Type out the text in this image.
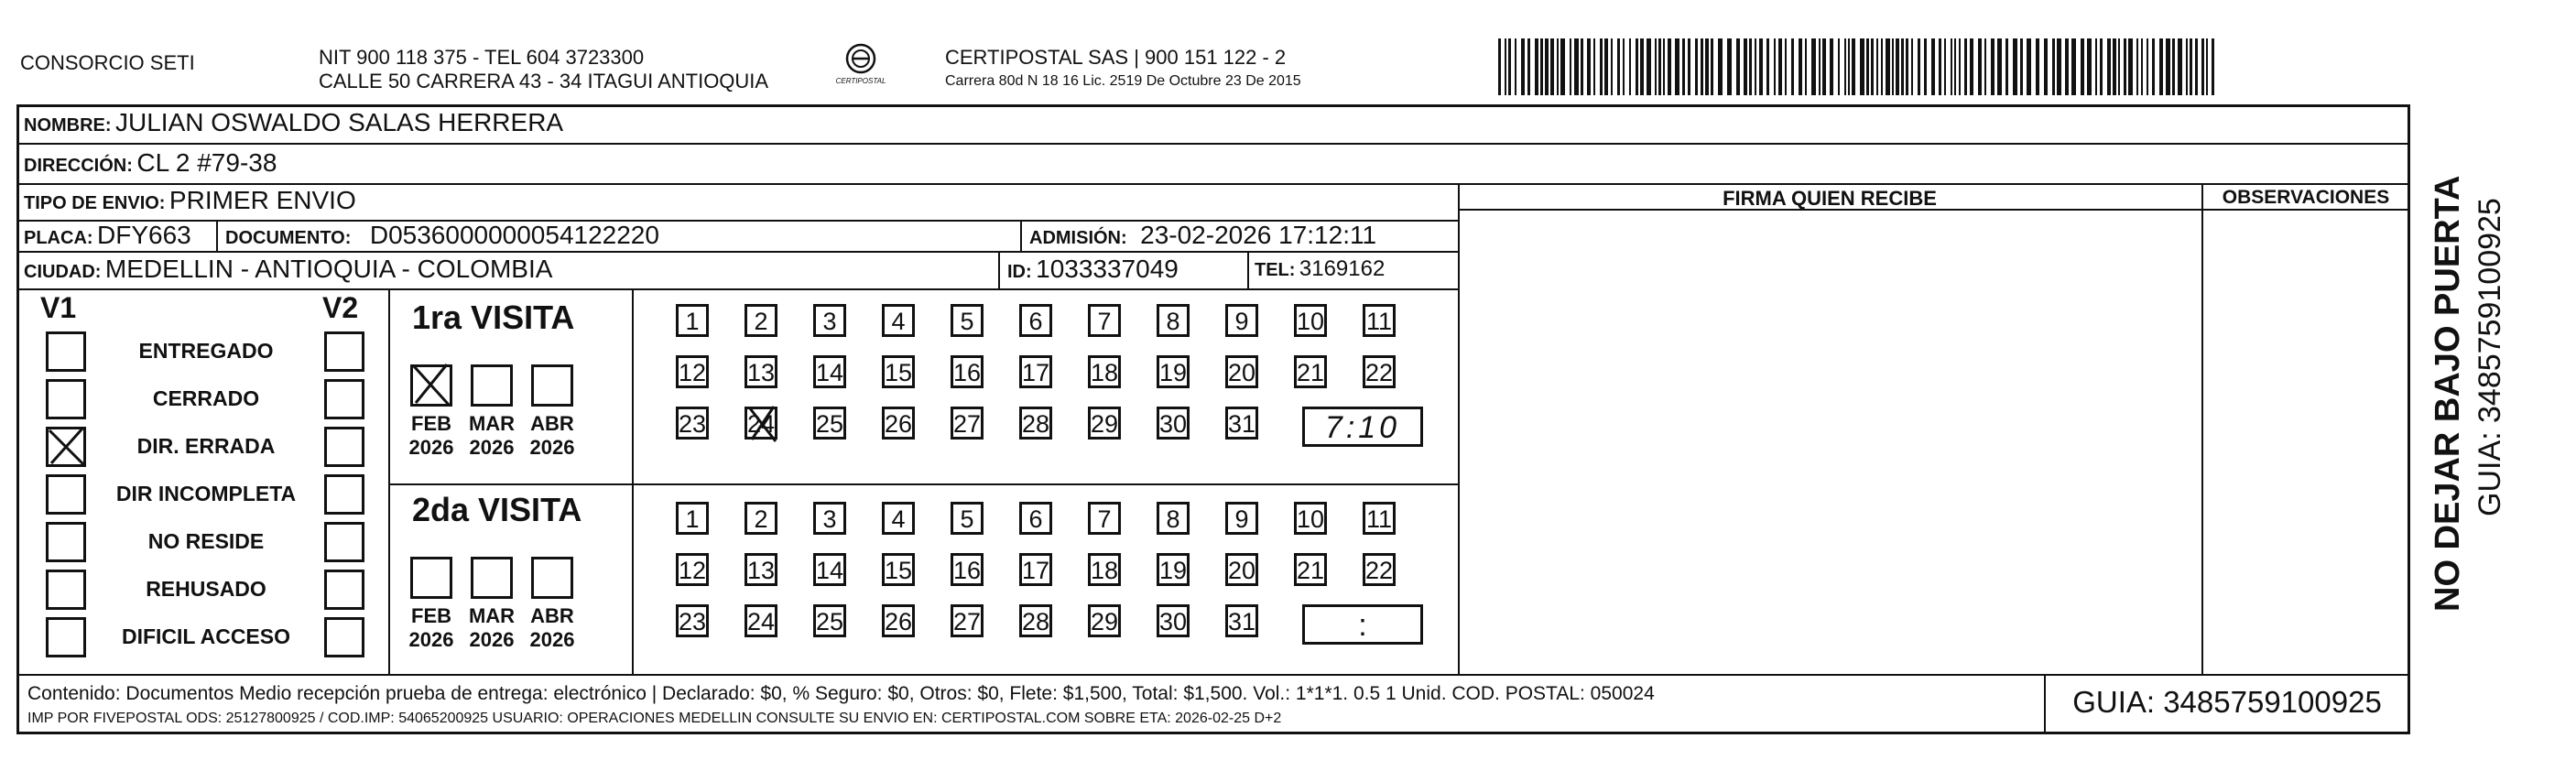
CONSORCIO SETI	NIT 900 118 375 - TEL 604 3723300
CALLE 50 CARRERA 43 - 34 ITAGUI ANTIOQUIA	CERTIPOSTAL
CERTIPOSTAL SAS | 900 151 122 - 2
Carrera 80d N 18 16 Lic. 2519 De Octubre 23 De 2015
FIRMA QUIEN RECIBE	OBSERVACIONES
NOMBRE: JULIAN OSWALDO SALAS HERRERA
DIRECCIÓN: CL 2 #79-38
TIPO DE ENVIO: PRIMER ENVIO
PLACA: DFY663 DOCUMENTO: D0536000000054122220	ADMISIÓN: 23-02-2026 17:12:11
CIUDAD: MEDELLIN - ANTIOQUIA - COLOMBIA	ID: 1033337049	TEL: 3169162
V1	V2 1ra VISITA
2da VISITA
Contenido: Documentos Medio recepción prueba de entrega: electrónico | Declarado: $0, % Seguro: $0, Otros: $0, Flete: $1,500, Total: $1,500. Vol.: 1*1*1. 0.5 1 Unid. COD. POSTAL: 050024
IMP POR FIVEPOSTAL ODS: 25127800925 / COD.IMP: 54065200925 USUARIO: OPERACIONES MEDELLIN CONSULTE SU ENVIO EN: CERTIPOSTAL.COM SOBRE ETA: 2026-02-25 D+2	GUIA: 3485759100925
NO DEJAR BAJO PUERTA GUIA: 3485759100925
ENTREGADO
CERRADO
DIR. ERRADA
DIR INCOMPLETA
NO RESIDE
REHUSADO
DIFICIL ACCESO
FEB
2026
MAR
2026
ABR
2026
FEB
2026
MAR
2026
ABR
2026
1	2	3	4	5	6	7	8	9	10 11
12 13 14 15 16 17 18 19 20 21 22
23 24 25 26 27 28 29 30 31	7:10
1	2	3	4	5	6	7	8	9	10 11
12 13 14 15 16 17 18 19 20 21 22
23 24 25 26 27 28 29 30 31	:
